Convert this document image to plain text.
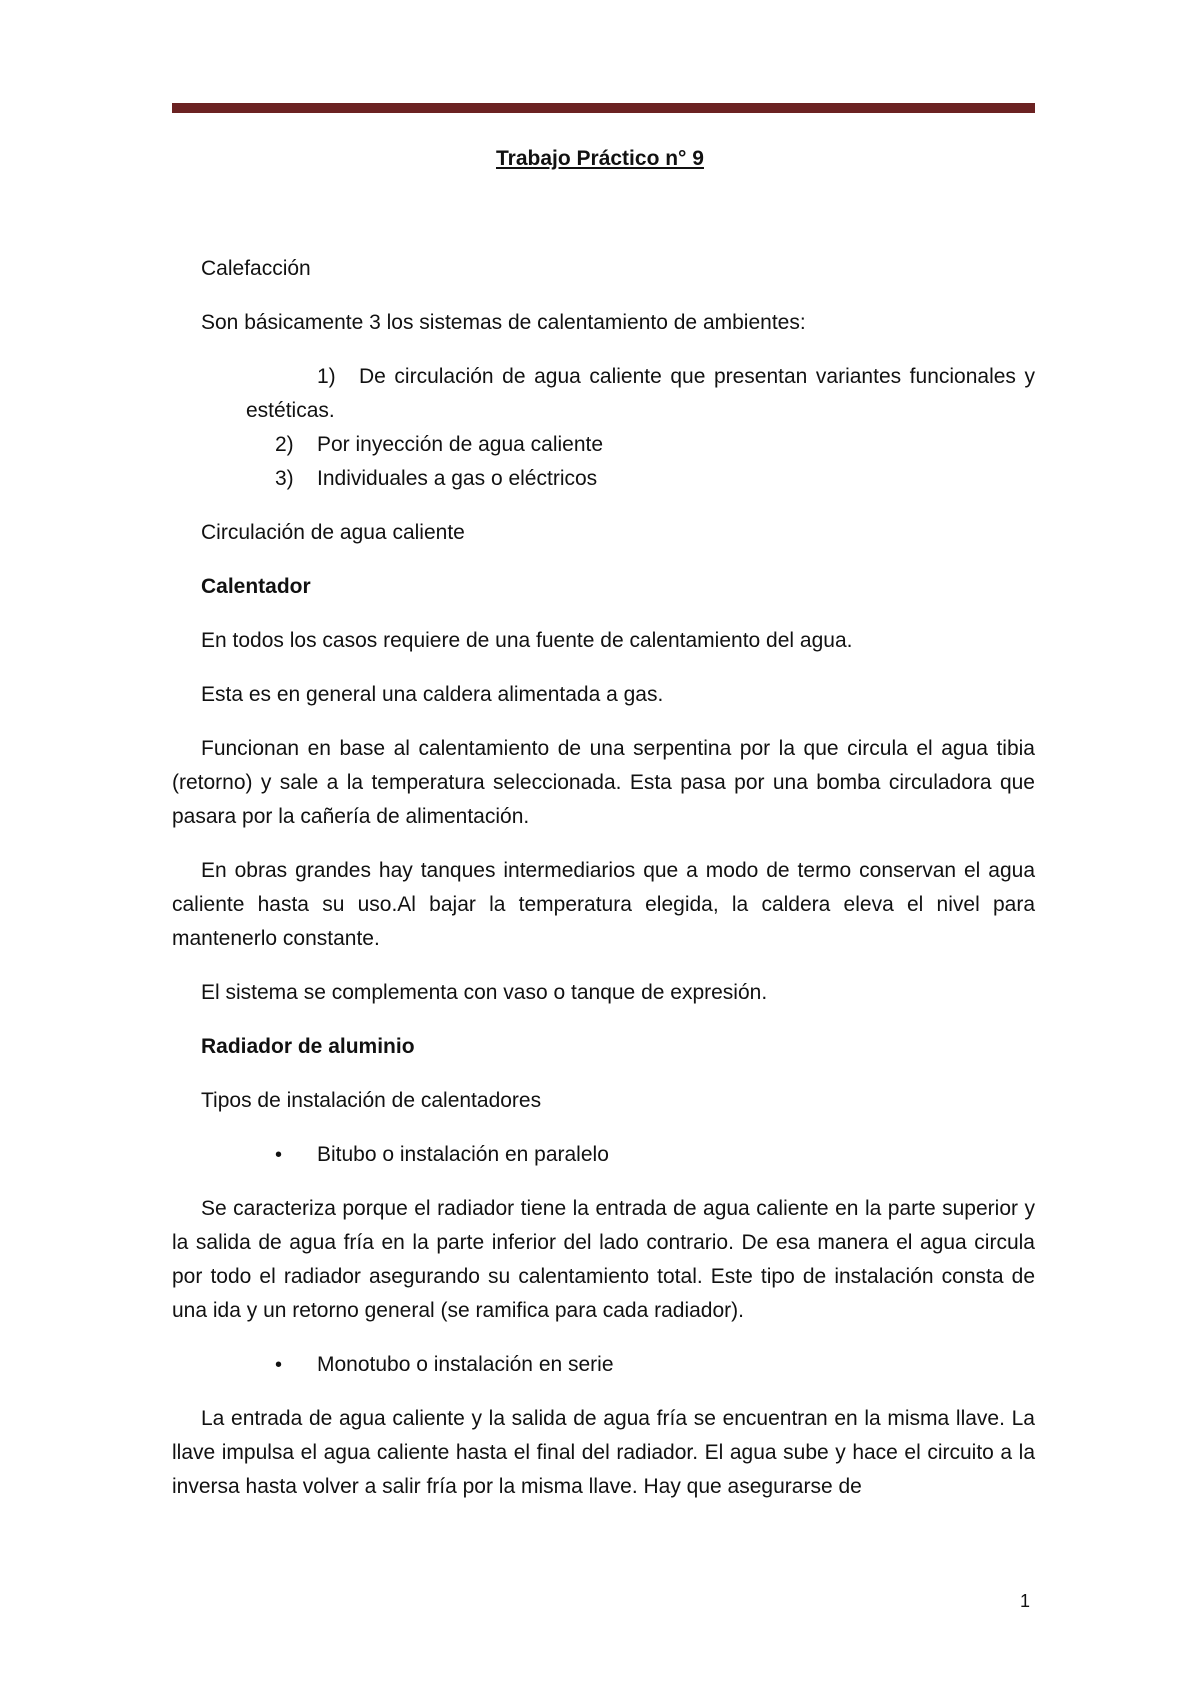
Trabajo Práctico n° 9

Calefacción

Son básicamente 3 los sistemas de calentamiento de ambientes:

1) De circulación de agua caliente que presentan variantes funcionales y estéticas.
2)	Por inyección de agua caliente
3)	Individuales a gas o eléctricos

Circulación de agua caliente

Calentador

En todos los casos requiere de una fuente de calentamiento del agua.

Esta es en general una caldera alimentada a gas.

Funcionan en base al calentamiento de una serpentina por la que circula el agua tibia (retorno) y sale a la temperatura seleccionada. Esta pasa por una bomba circuladora que pasara por la cañería de alimentación.

En obras grandes hay tanques intermediarios que a modo de termo conservan el agua caliente hasta su uso.Al bajar la temperatura elegida, la caldera eleva el nivel para mantenerlo constante.

El sistema se complementa con vaso o tanque de expresión.

Radiador de aluminio

Tipos de instalación de calentadores

• Bitubo o instalación en paralelo

Se caracteriza porque el radiador tiene la entrada de agua caliente en la parte superior y la salida de agua fría en la parte inferior del lado contrario. De esa manera el agua circula por todo el radiador asegurando su calentamiento total. Este tipo de instalación consta de una ida y un retorno general (se ramifica para cada radiador).

• Monotubo o instalación en serie

La entrada de agua caliente y la salida de agua fría se encuentran en la misma llave. La llave impulsa el agua caliente hasta el final del radiador. El agua sube y hace el circuito a la inversa hasta volver a salir fría por la misma llave. Hay que asegurarse de

1
